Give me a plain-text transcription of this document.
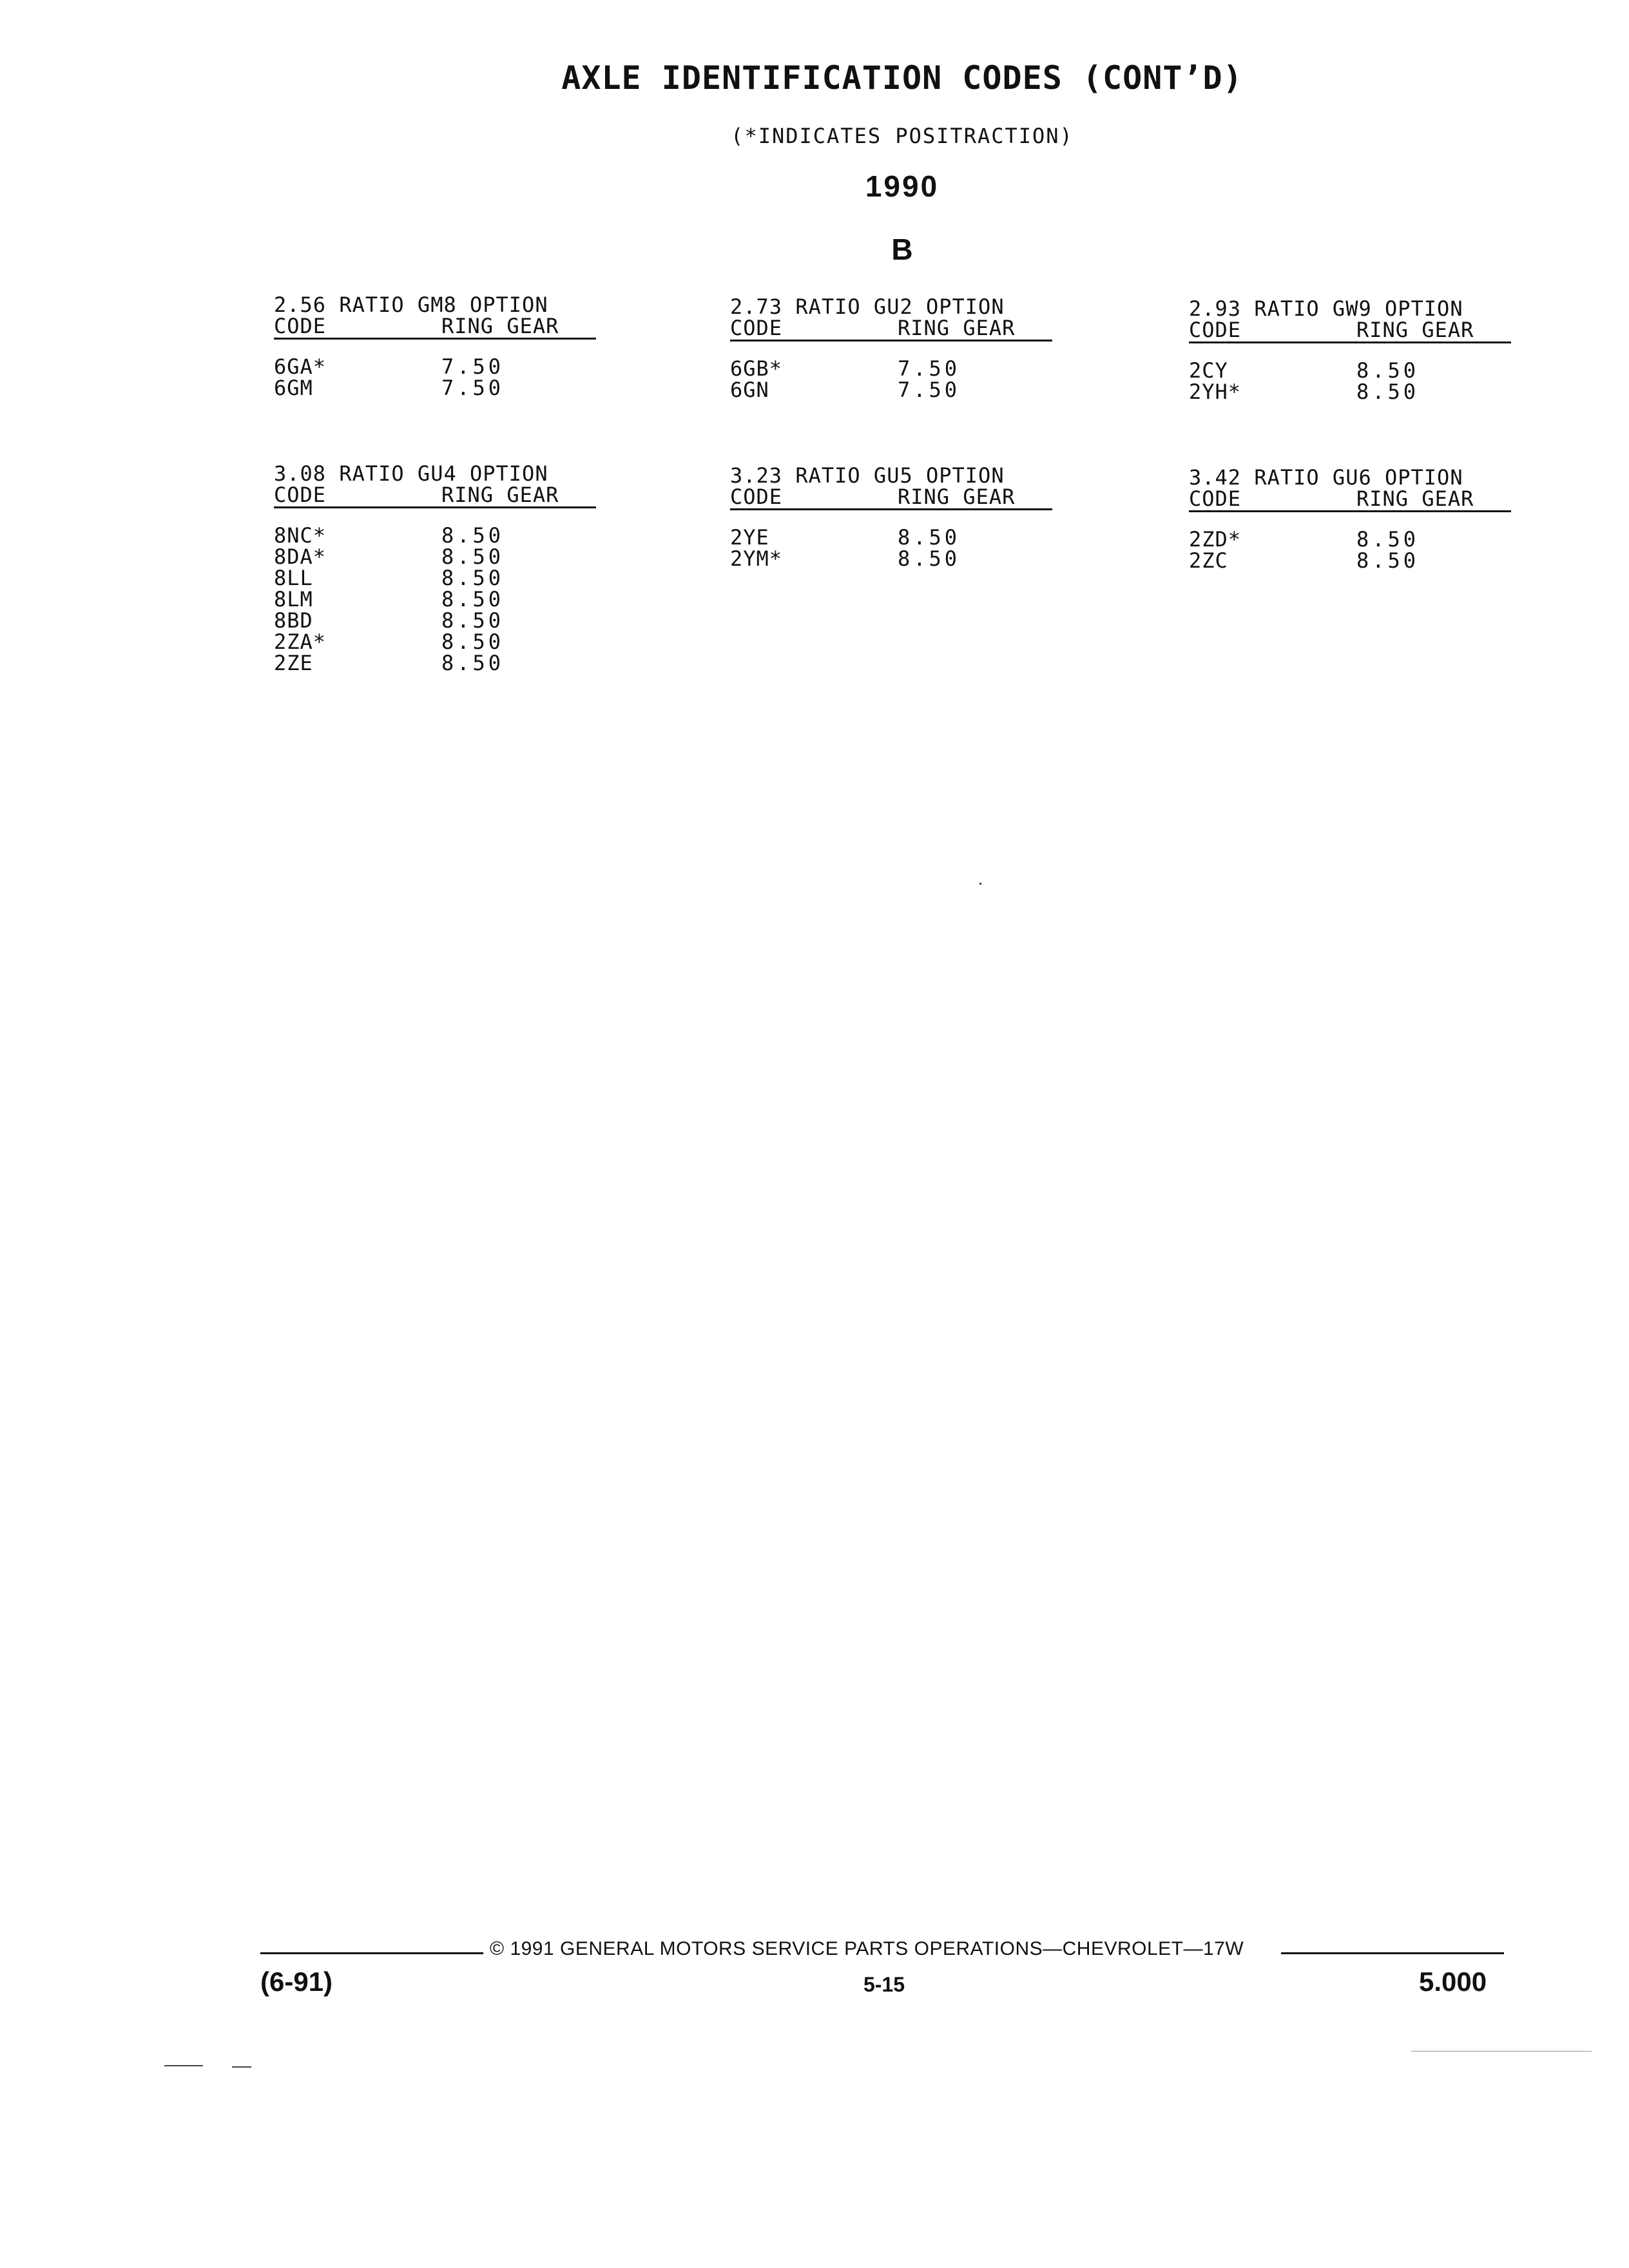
AXLE IDENTIFICATION CODES (CONT’D)
(*INDICATES POSITRACTION)
1990
B
2.56 RATIO GM8 OPTION
CODE	RING GEAR
6GA*	7.50
6GM	7.50
2.73 RATIO GU2 OPTION
CODE	RING GEAR
6GB*	7.50
6GN	7.50
2.93 RATIO GW9 OPTION
CODE	RING GEAR
2CY	8.50
2YH*	8.50
3.08 RATIO GU4 OPTION
CODE	RING GEAR
8NC*	8.50
8DA*	8.50
8LL	8.50
8LM	8.50
8BD	8.50
2ZA*	8.50
2ZE	8.50
3.23 RATIO GU5 OPTION
CODE	RING GEAR
2YE	8.50
2YM*	8.50
3.42 RATIO GU6 OPTION
CODE	RING GEAR
2ZD*	8.50
2ZC	8.50
© 1991 GENERAL MOTORS SERVICE PARTS OPERATIONS—CHEVROLET—17W
(6-91)	5-15	5.000
